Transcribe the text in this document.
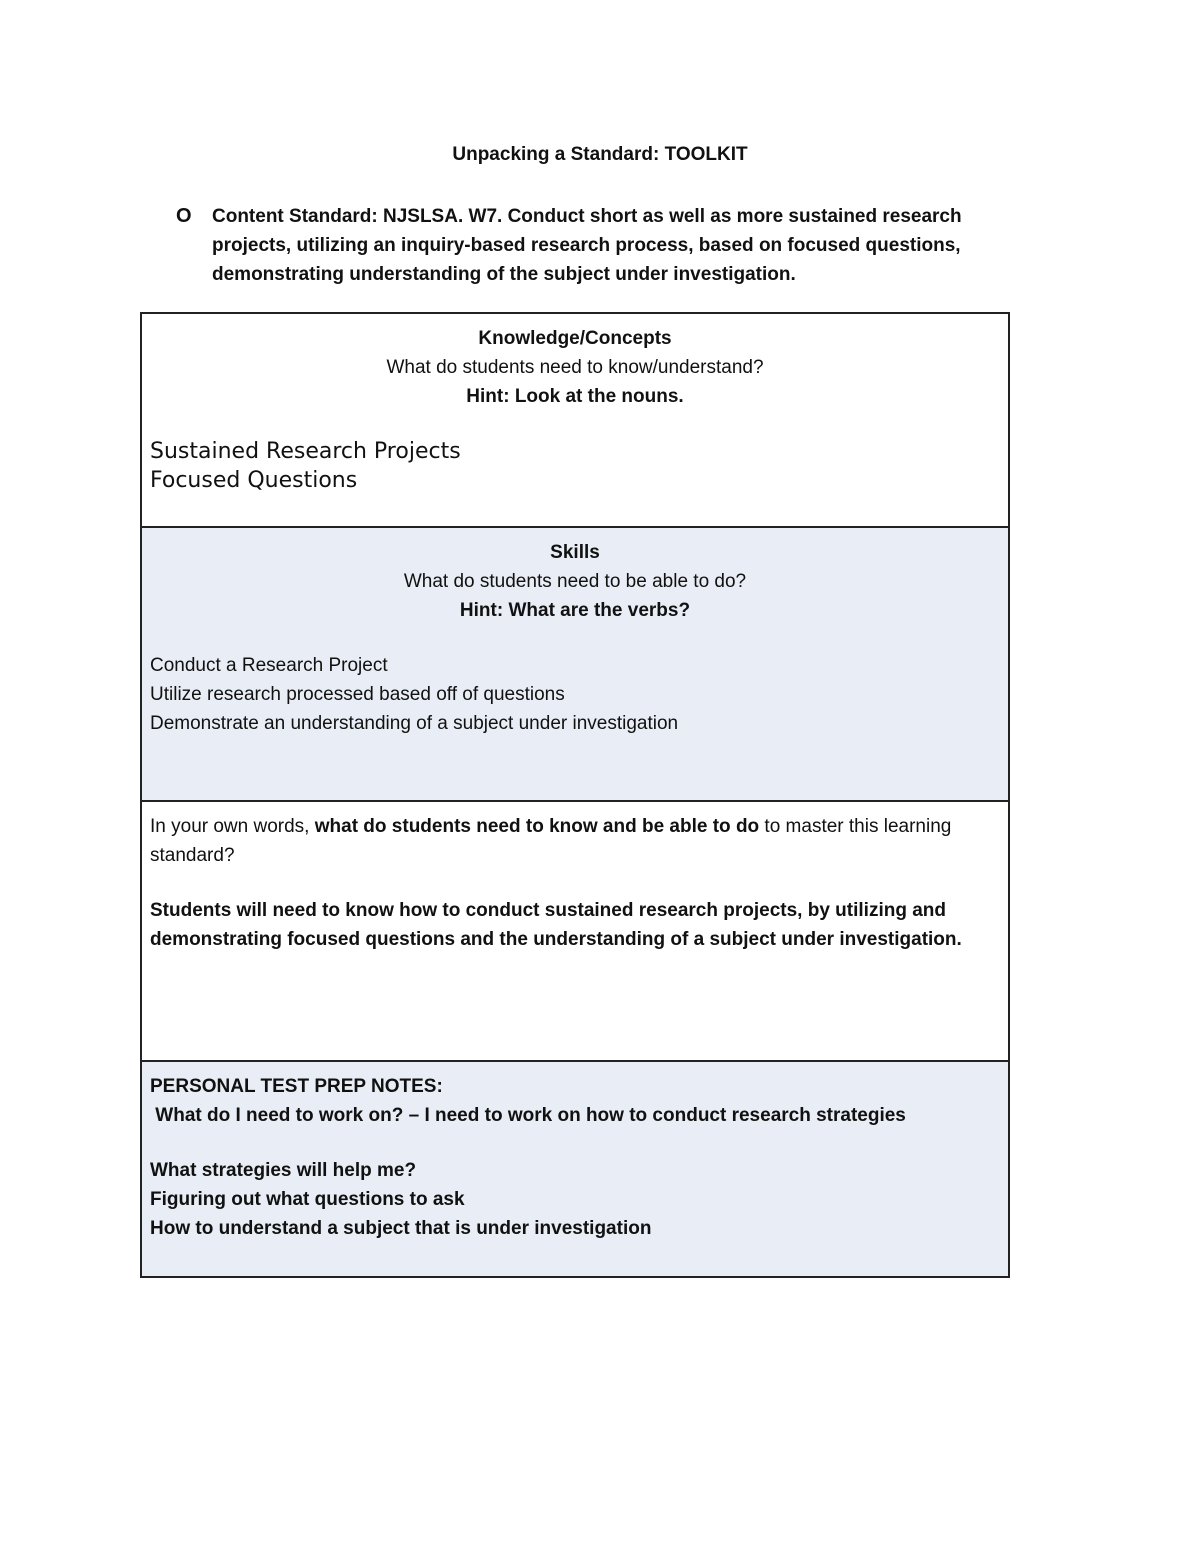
Unpacking a Standard: TOOLKIT
O	Content Standard: NJSLSA. W7. Conduct short as well as more sustained research projects, utilizing an inquiry-based research process, based on focused questions, demonstrating understanding of the subject under investigation.
Knowledge/Concepts
What do students need to know/understand?
Hint: Look at the nouns.
Sustained Research Projects
Focused Questions
Skills
What do students need to be able to do?
Hint: What are the verbs?
Conduct a Research Project
Utilize research processed based off of questions
Demonstrate an understanding of a subject under investigation
In your own words, what do students need to know and be able to do to master this learning standard?
Students will need to know how to conduct sustained research projects, by utilizing and demonstrating focused questions and the understanding of a subject under investigation.
PERSONAL TEST PREP NOTES:
What do I need to work on? – I need to work on how to conduct research strategies
What strategies will help me?
Figuring out what questions to ask
How to understand a subject that is under investigation
